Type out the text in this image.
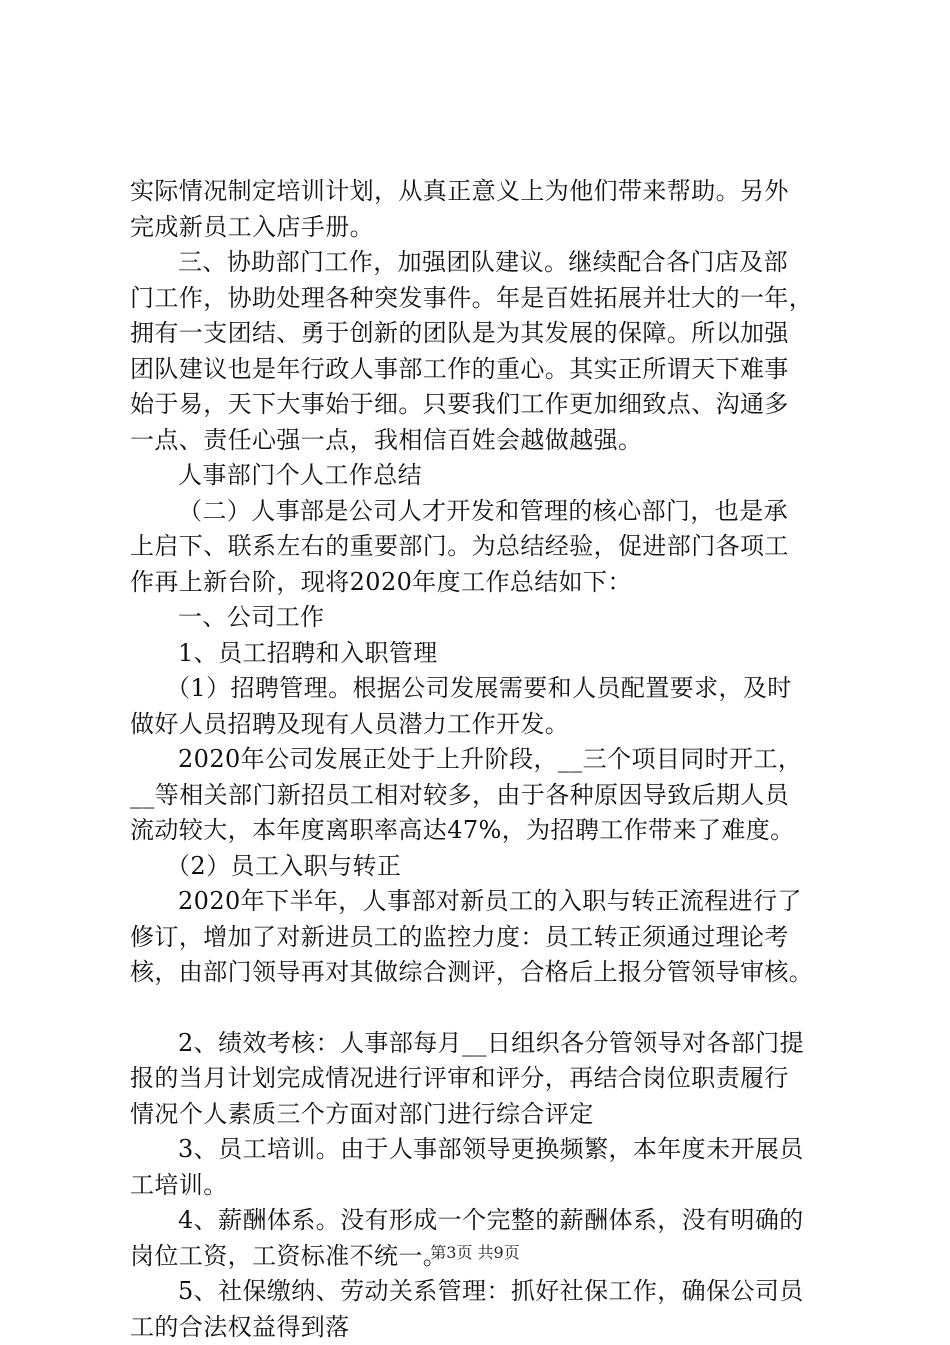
实际情况制定培训计划，从真正意义上为他们带来帮助。另外
完成新员工入店手册。
三、协助部门工作，加强团队建议。继续配合各门店及部
门工作，协助处理各种突发事件。年是百姓拓展并壮大的一年，
拥有一支团结、勇于创新的团队是为其发展的保障。所以加强
团队建议也是年行政人事部工作的重心。其实正所谓天下难事
始于易，天下大事始于细。只要我们工作更加细致点、沟通多
一点、责任心强一点，我相信百姓会越做越强。
人事部门个人工作总结
（二）人事部是公司人才开发和管理的核心部门，也是承
上启下、联系左右的重要部门。为总结经验，促进部门各项工
作再上新台阶，现将2020年度工作总结如下：
一、公司工作
1、员工招聘和入职管理
（1）招聘管理。根据公司发展需要和人员配置要求，及时
做好人员招聘及现有人员潜力工作开发。
2020年公司发展正处于上升阶段，__三个项目同时开工，
__等相关部门新招员工相对较多，由于各种原因导致后期人员
流动较大，本年度离职率高达47%，为招聘工作带来了难度。
（2）员工入职与转正
2020年下半年，人事部对新员工的入职与转正流程进行了
修订，增加了对新进员工的监控力度：员工转正须通过理论考
核，由部门领导再对其做综合测评，合格后上报分管领导审核。
2、绩效考核：人事部每月__日组织各分管领导对各部门提
报的当月计划完成情况进行评审和评分，再结合岗位职责履行
情况个人素质三个方面对部门进行综合评定
3、员工培训。由于人事部领导更换频繁，本年度未开展员
工培训。
4、薪酬体系。没有形成一个完整的薪酬体系，没有明确的
岗位工资，工资标准不统一。
5、社保缴纳、劳动关系管理：抓好社保工作，确保公司员
工的合法权益得到落
第3页 共9页
